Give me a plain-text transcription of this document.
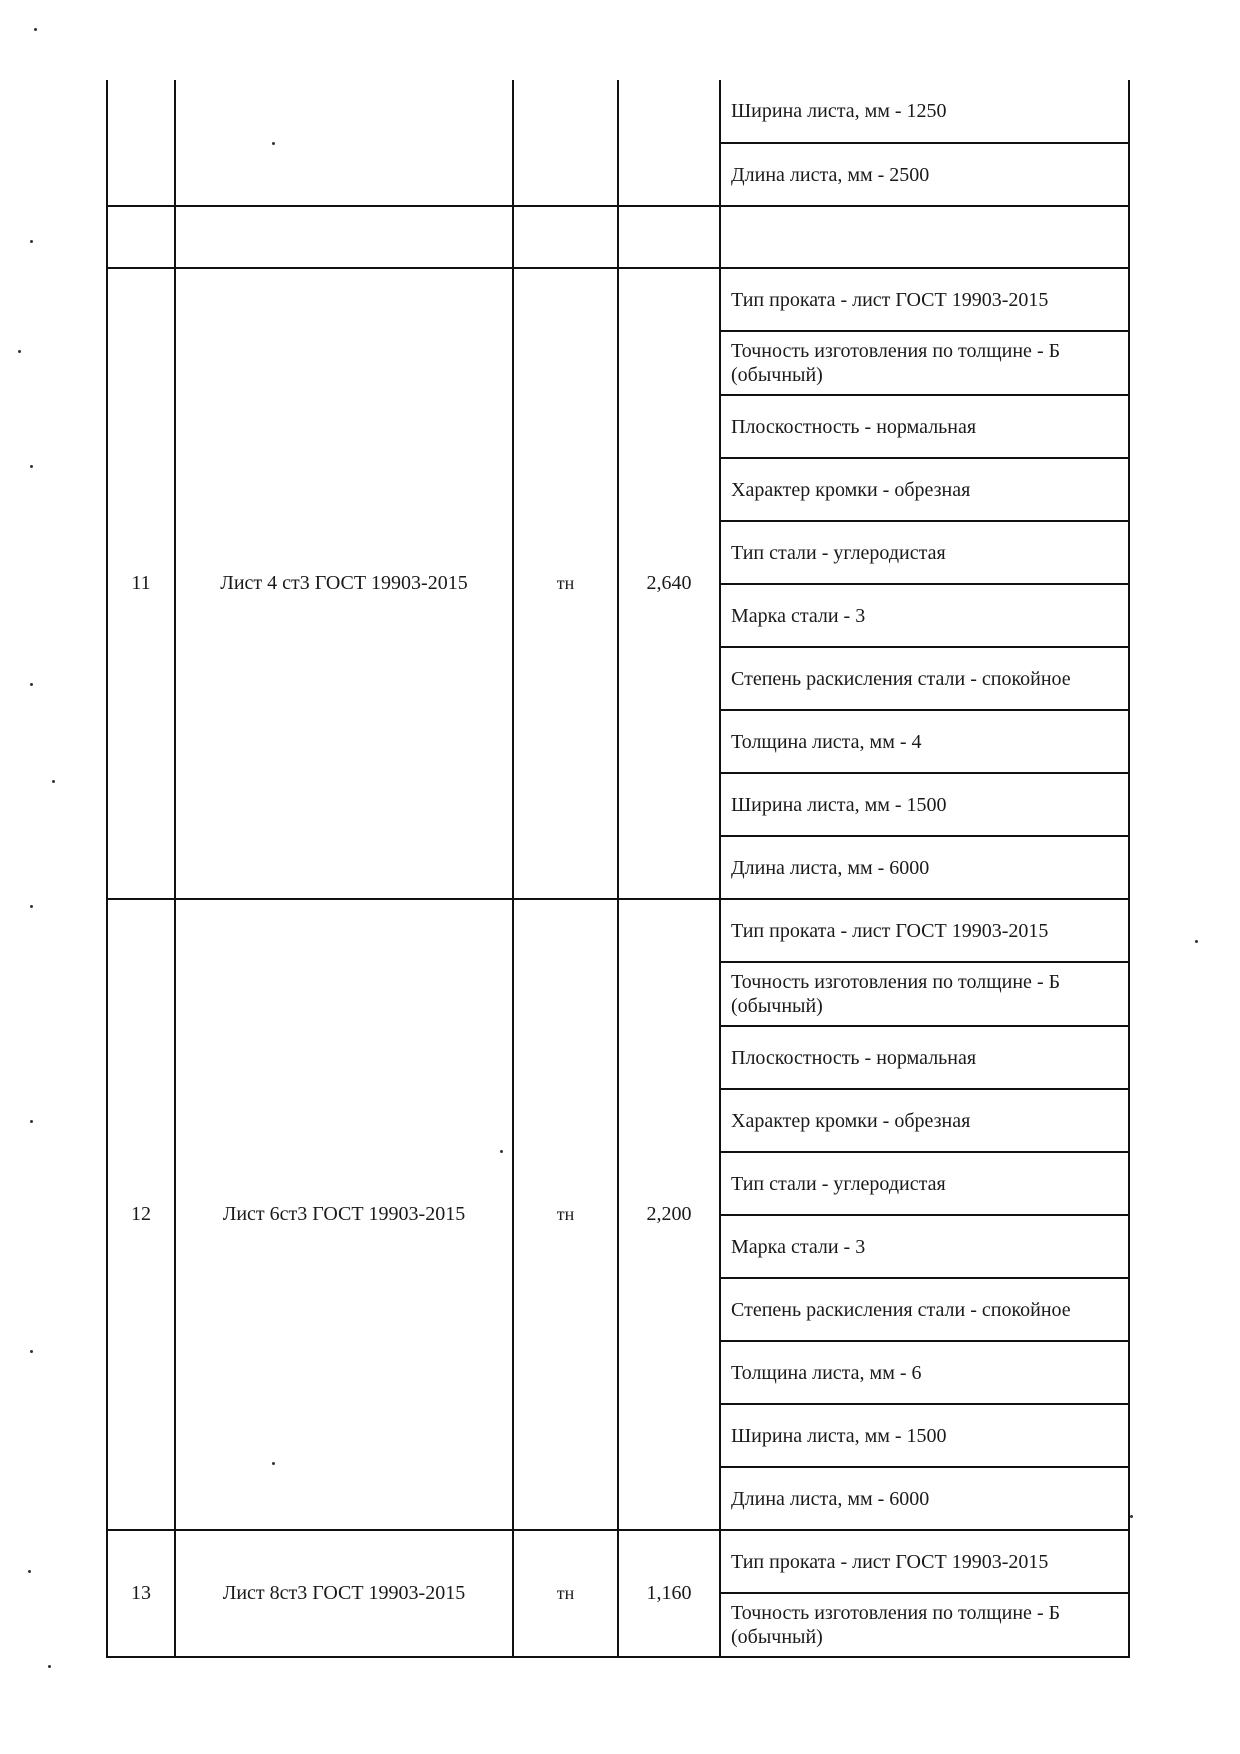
				Ширина листа, мм - 1250
				Длина листа, мм - 2500

11	Лист 4 ст3 ГОСТ 19903-2015	тн	2,640	Тип проката - лист ГОСТ 19903-2015
				Точность изготовления по толщине - Б (обычный)
				Плоскостность - нормальная
				Характер кромки - обрезная
				Тип стали - углеродистая
				Марка стали - 3
				Степень раскисления стали - спокойное
				Толщина листа, мм - 4
				Ширина листа, мм - 1500
				Длина листа, мм - 6000
12	Лист 6ст3 ГОСТ 19903-2015	тн	2,200	Тип проката - лист ГОСТ 19903-2015
				Точность изготовления по толщине - Б (обычный)
				Плоскостность - нормальная
				Характер кромки - обрезная
				Тип стали - углеродистая
				Марка стали - 3
				Степень раскисления стали - спокойное
				Толщина листа, мм - 6
				Ширина листа, мм - 1500
				Длина листа, мм - 6000
13	Лист 8ст3 ГОСТ 19903-2015	тн	1,160	Тип проката - лист ГОСТ 19903-2015
				Точность изготовления по толщине - Б (обычный)
